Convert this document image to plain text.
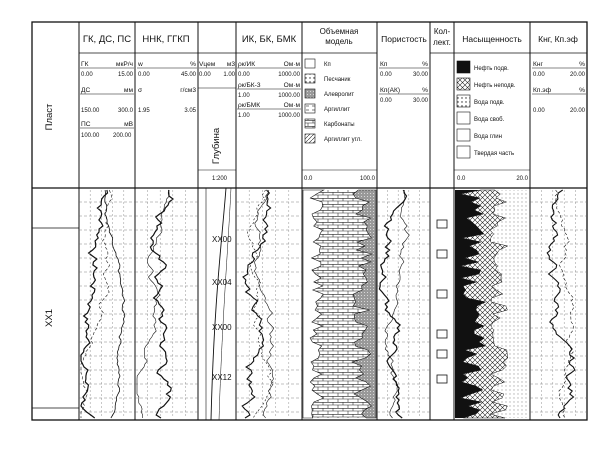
Пласт
ГК, ДС, ПС
ГК	мкР/ч
0.00	15.00
ДС	мм
150.00	300.0
ПС	мВ
100.00 200.00
ННК, ГГКП
w	%
0.00	45.00
σ	г/см3
1.95	3.05
Vцем м3
0.00 1.00
Глубина
1:200
ИК, БК, БМК
ρк/ИК	Ом·м
0.00	1000.00
ρк/БК-3	Ом·м
1.00	1000.00
ρк/БМК	Ом·м
1.00	1000.00
Объемная
модель
Кп
Песчаник
Алевролит
Аргиллит
Карбонаты
Аргиллит угл.
0.0	100.0
Пористость
Кп	%
0.00	30.00
Кп(АК)	%
0.00	30.00
Кол-
лект. Насыщенность
Нефть подв.
Нефть неподв.
Вода подв.
Вода своб.
Вода глин
Твердая часть
0.0	20.0
Кнг, Кп.эф
Кнг	%
0.00	20.00
Кп.эф	%
0.00	20.00
XX1
XX00
XX04
XX00
XX12
